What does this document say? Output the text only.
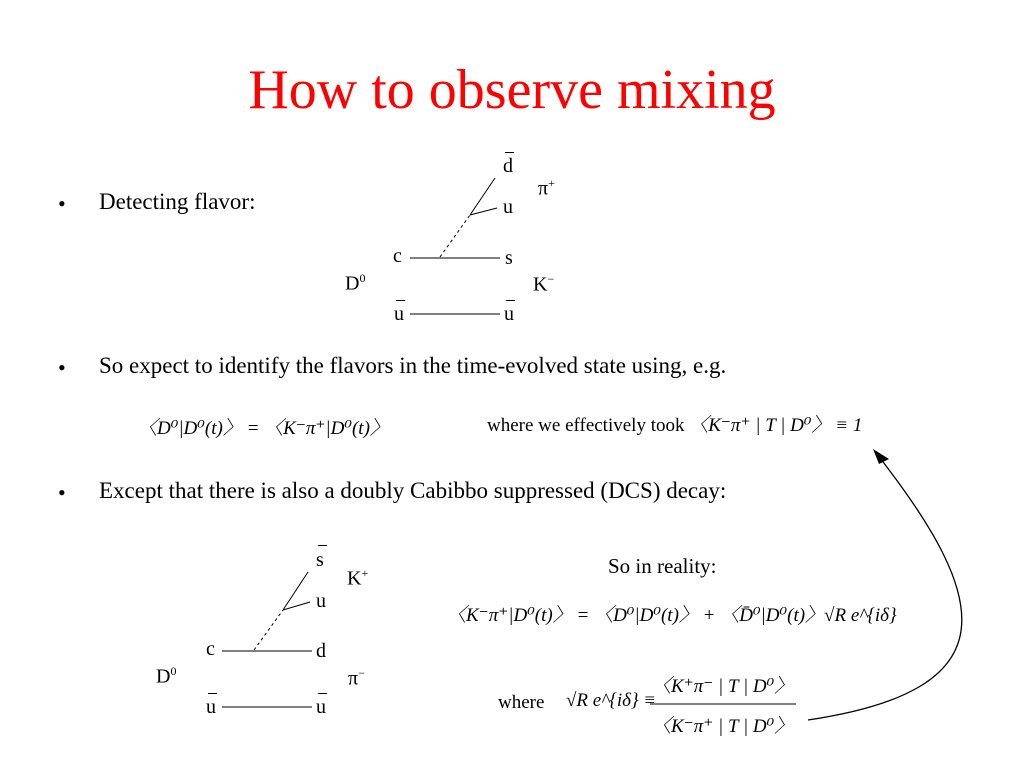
How to observe mixing
• Detecting flavor:
• So expect to identify the flavors in the time-evolved state using, e.g.
• Except that there is also a doubly Cabibbo suppressed (DCS) decay:
d
π+
u
c	s
$D^0$	K−
u	u
〈D⁰|D⁰(t)〉 = 〈K⁻π⁺|D⁰(t)〉	where we effectively took 〈K⁻π⁺ | T | D⁰〉 ≡ 1
s
K+
u
c	d
$D^0$	π−
u	u
So in reality:
〈K⁻π⁺|D⁰(t)〉 = 〈D⁰|D⁰(t)〉 + 〈D̄⁰|D⁰(t)〉√R e^{iδ}
where √R e^{iδ} ≡
〈K⁺π⁻ | T | D⁰〉
〈K⁻π⁺ | T | D⁰〉
